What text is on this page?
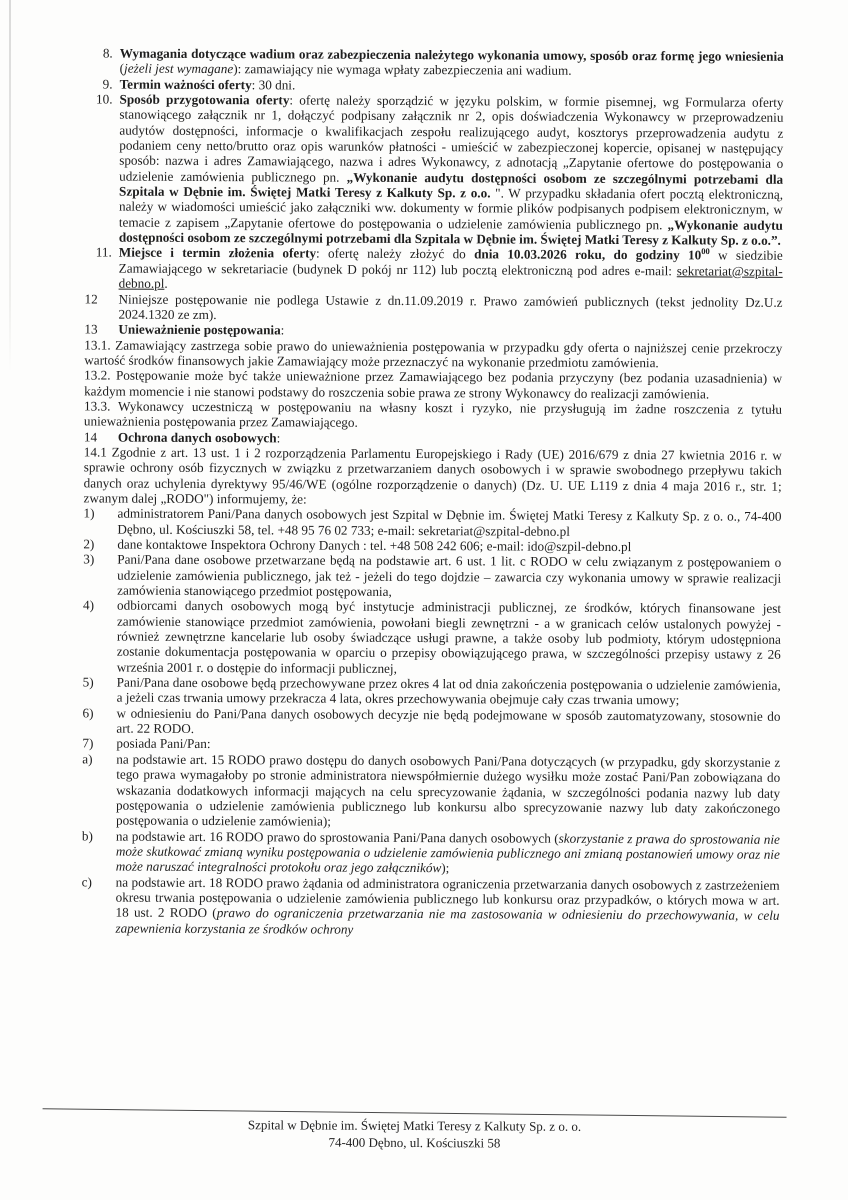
8. Wymagania dotyczące wadium oraz zabezpieczenia należytego wykonania umowy, sposób oraz formę jego wniesienia (jeżeli jest wymagane): zamawiający nie wymaga wpłaty zabezpieczenia ani wadium.
9. Termin ważności oferty: 30 dni.
10. Sposób przygotowania oferty: ofertę należy sporządzić w języku polskim, w formie pisemnej, wg Formularza oferty stanowiącego załącznik nr 1, dołączyć podpisany załącznik nr 2, opis doświadczenia Wykonawcy w przeprowadzeniu audytów dostępności, informacje o kwalifikacjach zespołu realizującego audyt, kosztorys przeprowadzenia audytu z podaniem ceny netto/brutto oraz opis warunków płatności - umieścić w zabezpieczonej kopercie, opisanej w następujący sposób: nazwa i adres Zamawiającego, nazwa i adres Wykonawcy, z adnotacją „Zapytanie ofertowe do postępowania o udzielenie zamówienia publicznego pn. „Wykonanie audytu dostępności osobom ze szczególnymi potrzebami dla Szpitala w Dębnie im. Świętej Matki Teresy z Kalkuty Sp. z o.o. ". W przypadku składania ofert pocztą elektroniczną, należy w wiadomości umieścić jako załączniki ww. dokumenty w formie plików podpisanych podpisem elektronicznym, w temacie z zapisem „Zapytanie ofertowe do postępowania o udzielenie zamówienia publicznego pn. „Wykonanie audytu dostępności osobom ze szczególnymi potrzebami dla Szpitala w Dębnie im. Świętej Matki Teresy z Kalkuty Sp. z o.o.”.
11. Miejsce i termin złożenia oferty: ofertę należy złożyć do dnia 10.03.2026 roku, do godziny $10^{00}$ w siedzibie Zamawiającego w sekretariacie (budynek D pokój nr 112) lub pocztą elektroniczną pod adres e-mail: sekretariat@szpital-debno.pl.
12	Niniejsze postępowanie nie podlega Ustawie z dn.11.09.2019 r. Prawo zamówień publicznych (tekst jednolity Dz.U.z 2024.1320 ze zm).
13	Unieważnienie postępowania:
13.1. Zamawiający zastrzega sobie prawo do unieważnienia postępowania w przypadku gdy oferta o najniższej cenie przekroczy wartość środków finansowych jakie Zamawiający może przeznaczyć na wykonanie przedmiotu zamówienia.
13.2. Postępowanie może być także unieważnione przez Zamawiającego bez podania przyczyny (bez podania uzasadnienia) w każdym momencie i nie stanowi podstawy do roszczenia sobie prawa ze strony Wykonawcy do realizacji zamówienia.
13.3. Wykonawcy uczestniczą w postępowaniu na własny koszt i ryzyko, nie przysługują im żadne roszczenia z tytułu unieważnienia postępowania przez Zamawiającego.
14	Ochrona danych osobowych:
14.1 Zgodnie z art. 13 ust. 1 i 2 rozporządzenia Parlamentu Europejskiego i Rady (UE) 2016/679 z dnia 27 kwietnia 2016 r. w sprawie ochrony osób fizycznych w związku z przetwarzaniem danych osobowych i w sprawie swobodnego przepływu takich danych oraz uchylenia dyrektywy 95/46/WE (ogólne rozporządzenie o danych) (Dz. U. UE L119 z dnia 4 maja 2016 r., str. 1; zwanym dalej „RODO") informujemy, że:
1)	administratorem Pani/Pana danych osobowych jest Szpital w Dębnie im. Świętej Matki Teresy z Kalkuty Sp. z o. o., 74-400 Dębno, ul. Kościuszki 58, tel. +48 95 76 02 733; e-mail: sekretariat@szpital-debno.pl
2)	dane kontaktowe Inspektora Ochrony Danych : tel. +48 508 242 606; e-mail: ido@szpil-debno.pl
3)	Pani/Pana dane osobowe przetwarzane będą na podstawie art. 6 ust. 1 lit. c RODO w celu związanym z postępowaniem o udzielenie zamówienia publicznego, jak też - jeżeli do tego dojdzie – zawarcia czy wykonania umowy w sprawie realizacji zamówienia stanowiącego przedmiot postępowania,
4)	odbiorcami danych osobowych mogą być instytucje administracji publicznej, ze środków, których finansowane jest zamówienie stanowiące przedmiot zamówienia, powołani biegli zewnętrzni - a w granicach celów ustalonych powyżej - również zewnętrzne kancelarie lub osoby świadczące usługi prawne, a także osoby lub podmioty, którym udostępniona zostanie dokumentacja postępowania w oparciu o przepisy obowiązującego prawa, w szczególności przepisy ustawy z 26 września 2001 r. o dostępie do informacji publicznej,
5)	Pani/Pana dane osobowe będą przechowywane przez okres 4 lat od dnia zakończenia postępowania o udzielenie zamówienia, a jeżeli czas trwania umowy przekracza 4 lata, okres przechowywania obejmuje cały czas trwania umowy;
6)	w odniesieniu do Pani/Pana danych osobowych decyzje nie będą podejmowane w sposób zautomatyzowany, stosownie do art. 22 RODO.
7)	posiada Pani/Pan:
a)	na podstawie art. 15 RODO prawo dostępu do danych osobowych Pani/Pana dotyczących (w przypadku, gdy skorzystanie z tego prawa wymagałoby po stronie administratora niewspółmiernie dużego wysiłku może zostać Pani/Pan zobowiązana do wskazania dodatkowych informacji mających na celu sprecyzowanie żądania, w szczególności podania nazwy lub daty postępowania o udzielenie zamówienia publicznego lub konkursu albo sprecyzowanie nazwy lub daty zakończonego postępowania o udzielenie zamówienia);
b)	na podstawie art. 16 RODO prawo do sprostowania Pani/Pana danych osobowych (skorzystanie z prawa do sprostowania nie może skutkować zmianą wyniku postępowania o udzielenie zamówienia publicznego ani zmianą postanowień umowy oraz nie może naruszać integralności protokołu oraz jego załączników);
c)	na podstawie art. 18 RODO prawo żądania od administratora ograniczenia przetwarzania danych osobowych z zastrzeżeniem okresu trwania postępowania o udzielenie zamówienia publicznego lub konkursu oraz przypadków, o których mowa w art. 18 ust. 2 RODO (prawo do ograniczenia przetwarzania nie ma zastosowania w odniesieniu do przechowywania, w celu zapewnienia korzystania ze środków ochrony
Szpital w Dębnie im. Świętej Matki Teresy z Kalkuty Sp. z o. o.
74-400 Dębno, ul. Kościuszki 58
